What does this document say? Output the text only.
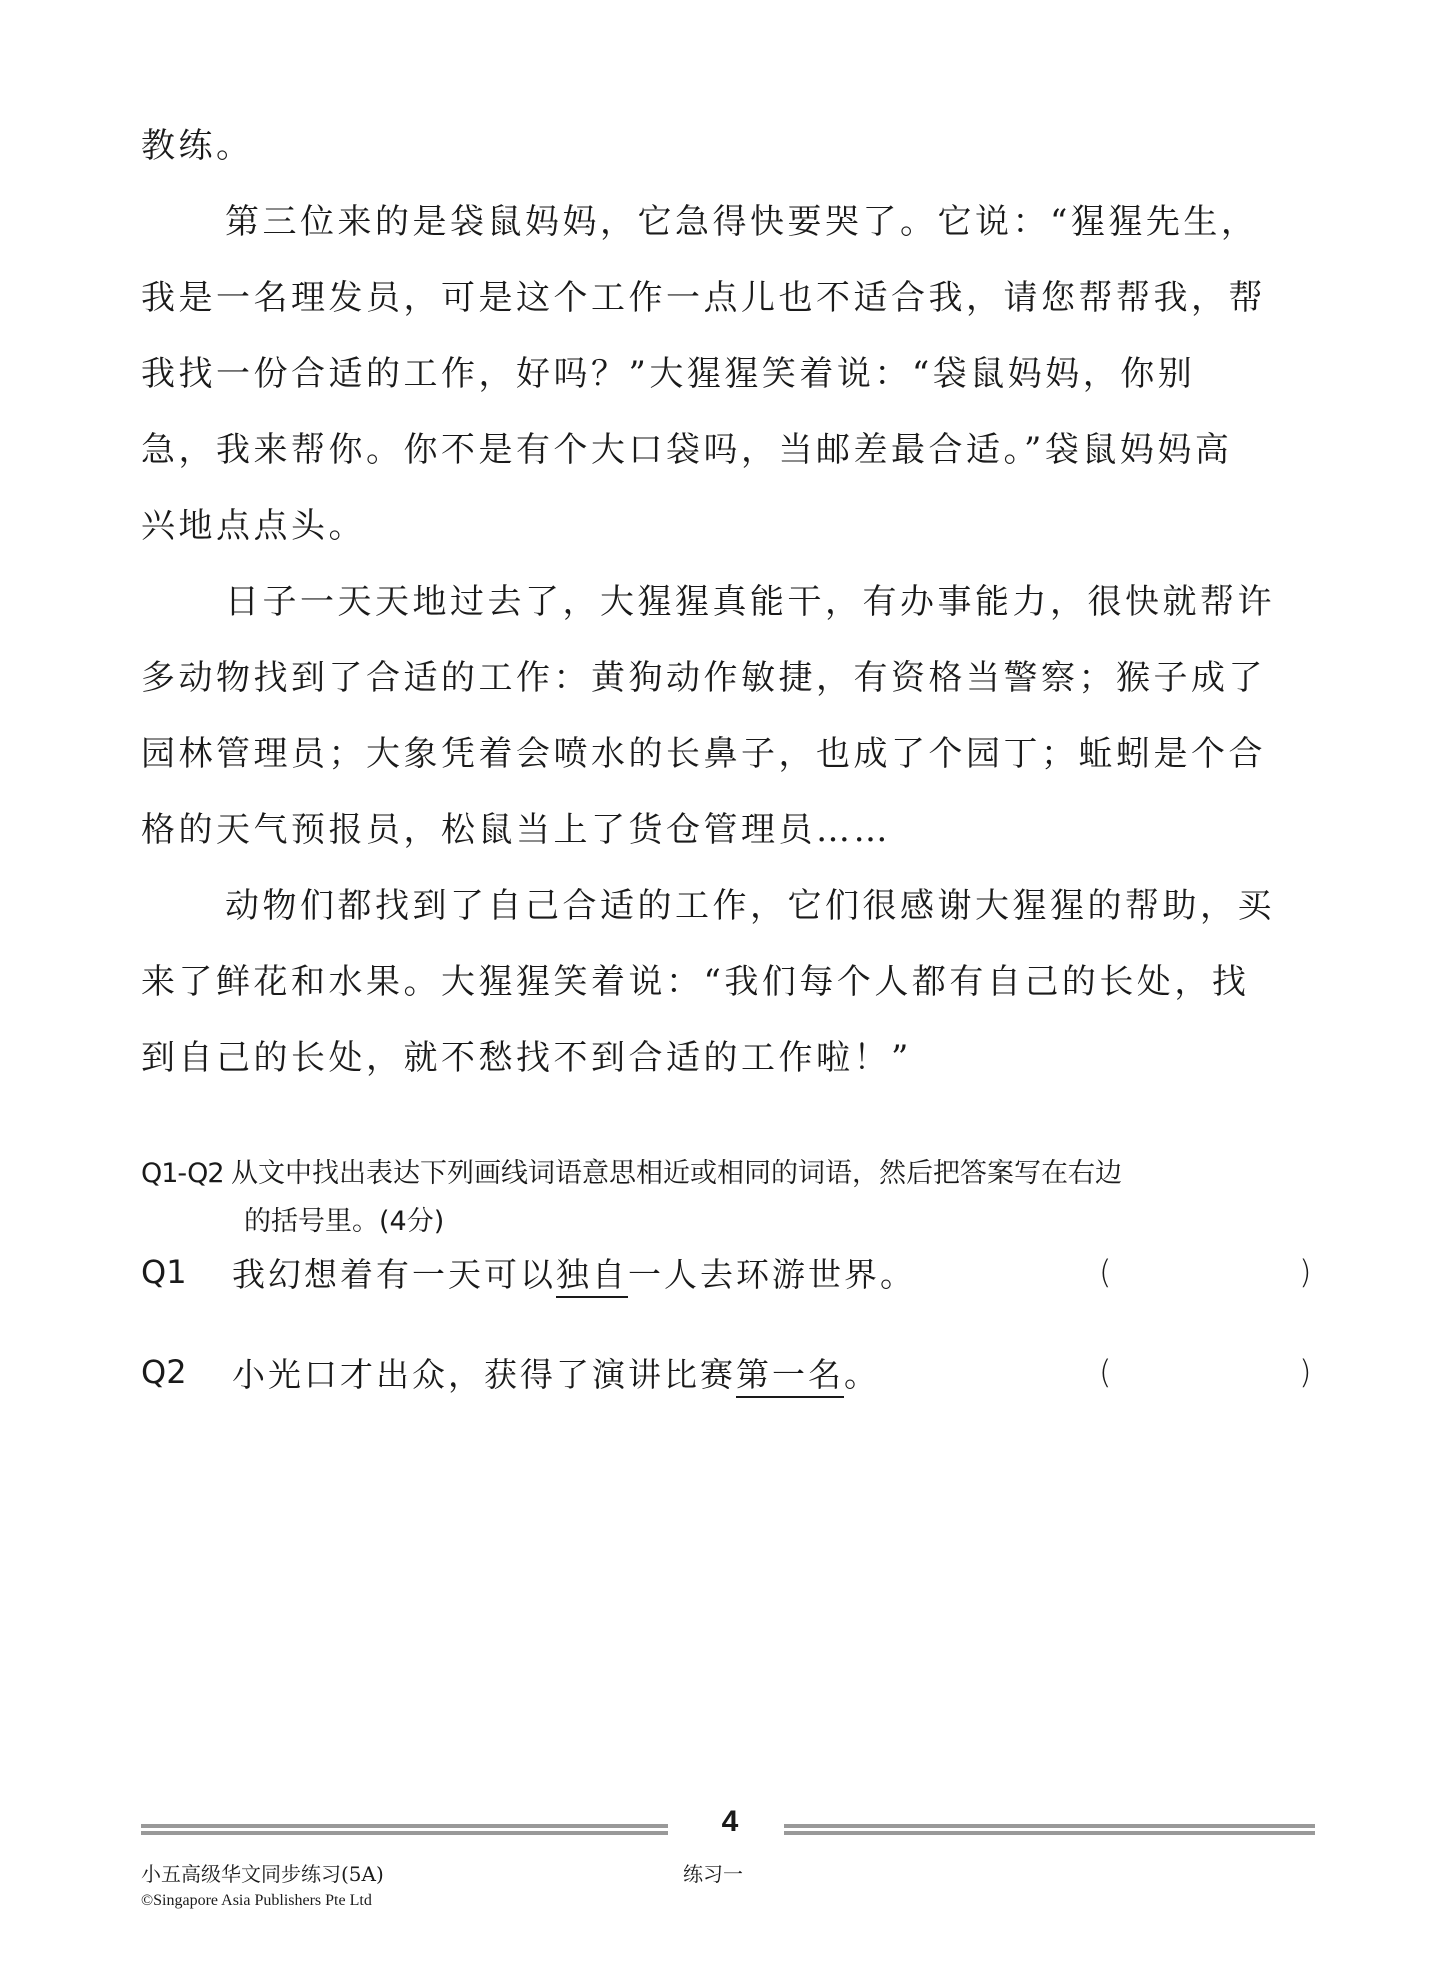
教练。
第三位来的是袋鼠妈妈，它急得快要哭了。它说：“猩猩先生，
我是一名理发员，可是这个工作一点儿也不适合我，请您帮帮我，帮
我找一份合适的工作，好吗？”大猩猩笑着说：“袋鼠妈妈，你别
急，我来帮你。你不是有个大口袋吗，当邮差最合适。”袋鼠妈妈高
兴地点点头。
日子一天天地过去了，大猩猩真能干，有办事能力，很快就帮许
多动物找到了合适的工作：黄狗动作敏捷，有资格当警察；猴子成了
园林管理员；大象凭着会喷水的长鼻子，也成了个园丁；蚯蚓是个合
格的天气预报员，松鼠当上了货仓管理员……
动物们都找到了自己合适的工作，它们很感谢大猩猩的帮助，买
来了鲜花和水果。大猩猩笑着说：“我们每个人都有自己的长处，找
到自己的长处，就不愁找不到合适的工作啦！”
Q1-Q2 从文中找出表达下列画线词语意思相近或相同的词语，然后把答案写在右边
的括号里。(4分)
Q1	我幻想着有一天可以独自一人去环游世界。	(	)
Q2	小光口才出众，获得了演讲比赛第一名。	(	)
4
小五高级华文同步练习(5A)
©Singapore Asia Publishers Pte Ltd
练习一
